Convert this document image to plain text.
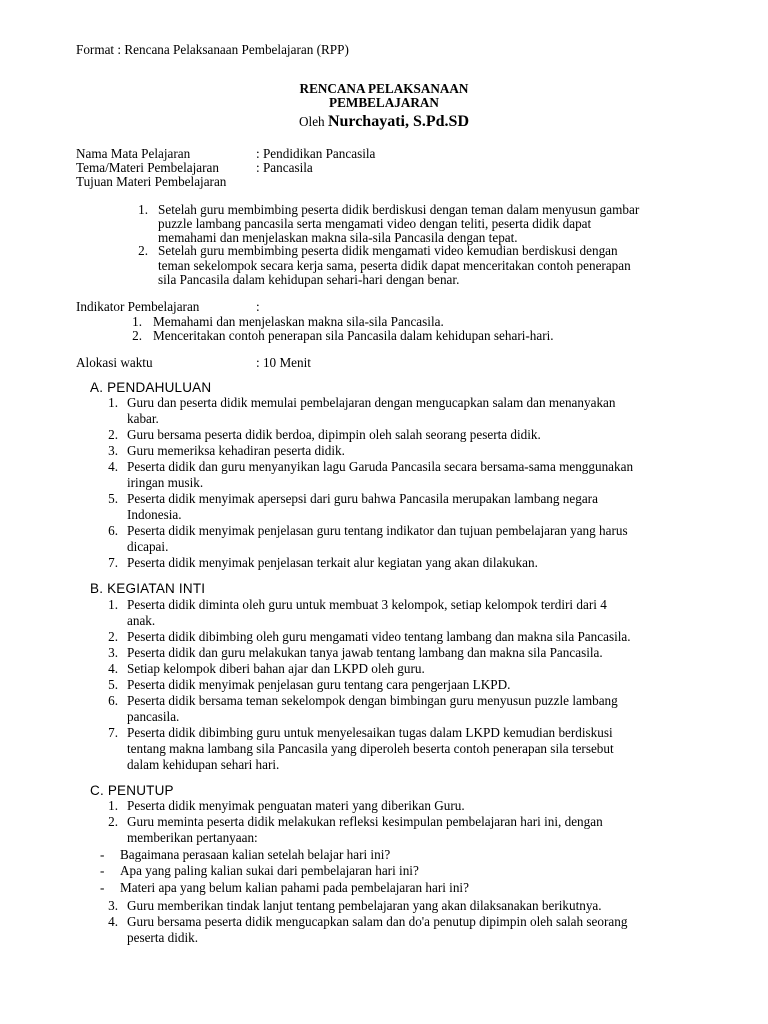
Format : Rencana Pelaksanaan Pembelajaran (RPP)
RENCANA PELAKSANAAN
PEMBELAJARAN
Oleh Nurchayati, S.Pd.SD
Nama Mata Pelajaran	: Pendidikan Pancasila
Tema/Materi Pembelajaran	: Pancasila
Tujuan Materi Pembelajaran
1. Setelah guru membimbing peserta didik berdiskusi dengan teman dalam menyusun gambar
puzzle lambang pancasila serta mengamati video dengan teliti, peserta didik dapat
memahami dan menjelaskan makna sila-sila Pancasila dengan tepat.
2. Setelah guru membimbing peserta didik mengamati video kemudian berdiskusi dengan
teman sekelompok secara kerja sama, peserta didik dapat menceritakan contoh penerapan
sila Pancasila dalam kehidupan sehari-hari dengan benar.
Indikator Pembelajaran	:
1. Memahami dan menjelaskan makna sila-sila Pancasila.
2. Menceritakan contoh penerapan sila Pancasila dalam kehidupan sehari-hari.
Alokasi waktu	: 10 Menit
A. PENDAHULUAN
1. Guru dan peserta didik memulai pembelajaran dengan mengucapkan salam dan menanyakan
kabar.
2. Guru bersama peserta didik berdoa, dipimpin oleh salah seorang peserta didik.
3. Guru memeriksa kehadiran peserta didik.
4. Peserta didik dan guru menyanyikan lagu Garuda Pancasila secara bersama-sama menggunakan
iringan musik.
5. Peserta didik menyimak apersepsi dari guru bahwa Pancasila merupakan lambang negara
Indonesia.
6. Peserta didik menyimak penjelasan guru tentang indikator dan tujuan pembelajaran yang harus
dicapai.
7. Peserta didik menyimak penjelasan terkait alur kegiatan yang akan dilakukan.
B. KEGIATAN INTI
1. Peserta didik diminta oleh guru untuk membuat 3 kelompok, setiap kelompok terdiri dari 4
anak.
2. Peserta didik dibimbing oleh guru mengamati video tentang lambang dan makna sila Pancasila.
3. Peserta didik dan guru melakukan tanya jawab tentang lambang dan makna sila Pancasila.
4. Setiap kelompok diberi bahan ajar dan LKPD oleh guru.
5. Peserta didik menyimak penjelasan guru tentang cara pengerjaan LKPD.
6. Peserta didik bersama teman sekelompok dengan bimbingan guru menyusun puzzle lambang
pancasila.
7. Peserta didik dibimbing guru untuk menyelesaikan tugas dalam LKPD kemudian berdiskusi
tentang makna lambang sila Pancasila yang diperoleh beserta contoh penerapan sila tersebut
dalam kehidupan sehari hari.
C. PENUTUP
1. Peserta didik menyimak penguatan materi yang diberikan Guru.
2. Guru meminta peserta didik melakukan refleksi kesimpulan pembelajaran hari ini, dengan
memberikan pertanyaan:
- Bagaimana perasaan kalian setelah belajar hari ini?
- Apa yang paling kalian sukai dari pembelajaran hari ini?
- Materi apa yang belum kalian pahami pada pembelajaran hari ini?
3. Guru memberikan tindak lanjut tentang pembelajaran yang akan dilaksanakan berikutnya.
4. Guru bersama peserta didik mengucapkan salam dan do'a penutup dipimpin oleh salah seorang
peserta didik.
